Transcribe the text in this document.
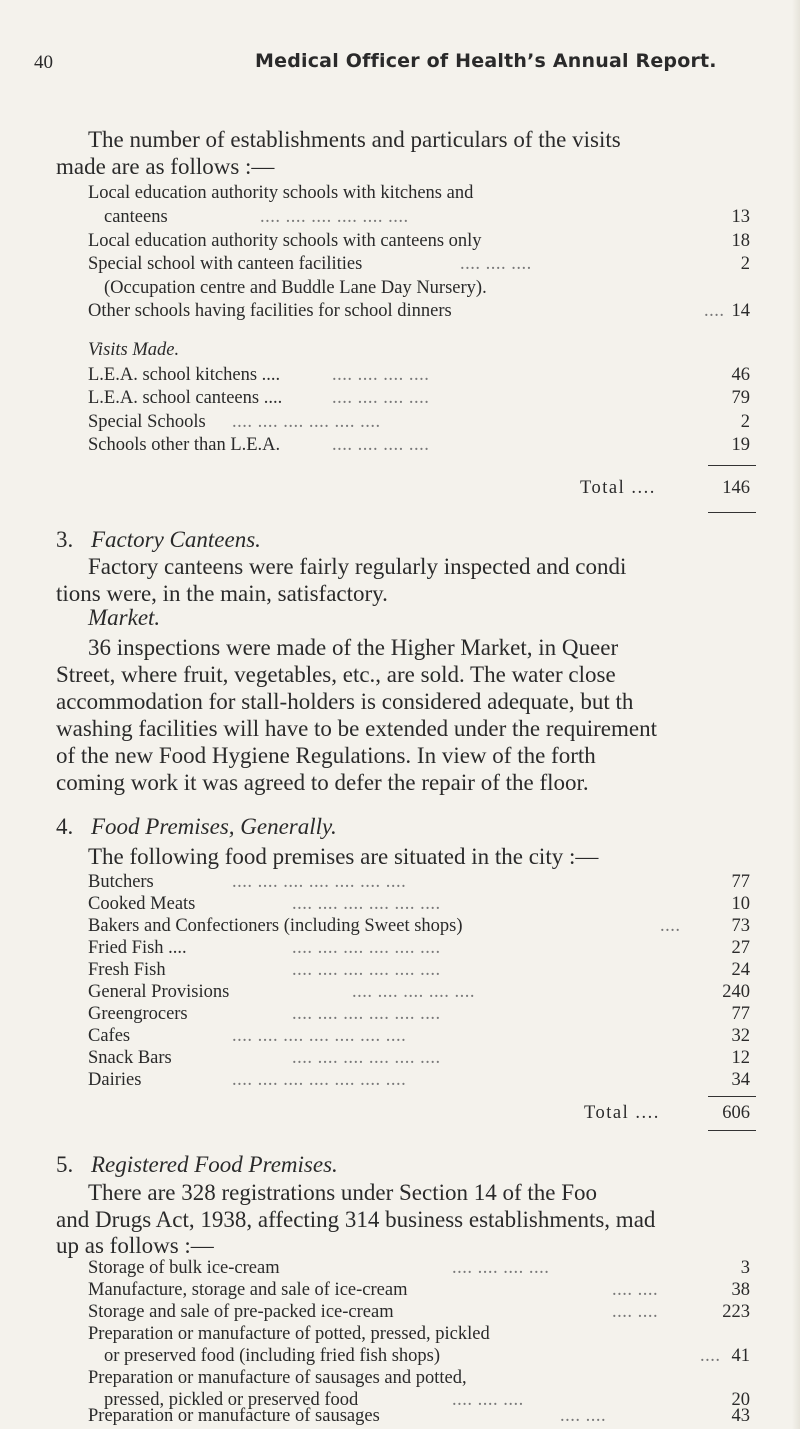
40	Medical Officer of Health’s Annual Report.
The number of establishments and particulars of the visits
made are as follows :—
Local education authority schools with kitchens and
canteens	.... .... .... .... .... ....	13
Local education authority schools with canteens only	18
Special school with canteen facilities	.... .... ....	2
(Occupation centre and Buddle Lane Day Nursery).
Other schools having facilities for school dinners	.... 14
Visits Made.
L.E.A. school kitchens ....	.... .... .... ....	46
L.E.A. school canteens ....	.... .... .... ....	79
Special Schools .... .... .... .... .... ....	2
Schools other than L.E.A.	.... .... .... ....	19
Total ....	146
3. Factory Canteens.
Factory canteens were fairly regularly inspected and condi
tions were, in the main, satisfactory.
Market.
36 inspections were made of the Higher Market, in Queer
Street, where fruit, vegetables, etc., are sold. The water close
accommodation for stall-holders is considered adequate, but th
washing facilities will have to be extended under the requirement
of the new Food Hygiene Regulations. In view of the forth
coming work it was agreed to defer the repair of the floor.
4. Food Premises, Generally.
The following food premises are situated in the city :—
Butchers	.... .... .... .... .... .... ....	77
Cooked Meats	.... .... .... .... .... ....	10
Bakers and Confectioners (including Sweet shops)	....	73
Fried Fish ....	.... .... .... .... .... ....	27
Fresh Fish	.... .... .... .... .... ....	24
General Provisions	.... .... .... .... ....	240
Greengrocers	.... .... .... .... .... ....	77
Cafes	.... .... .... .... .... .... ....	32
Snack Bars	.... .... .... .... .... ....	12
Dairies	.... .... .... .... .... .... ....	34
Total ....	606
5. Registered Food Premises.
There are 328 registrations under Section 14 of the Foo
and Drugs Act, 1938, affecting 314 business establishments, mad
up as follows :—
Storage of bulk ice-cream	.... .... .... ....	3
Manufacture, storage and sale of ice-cream	.... ....	38
Storage and sale of pre-packed ice-cream	.... ....	223
Preparation or manufacture of potted, pressed, pickled
or preserved food (including fried fish shops)	.... 41
Preparation or manufacture of sausages and potted,
pressed, pickled or preserved food	.... .... ....	20
Preparation or manufacture of sausages	.... ....	43
